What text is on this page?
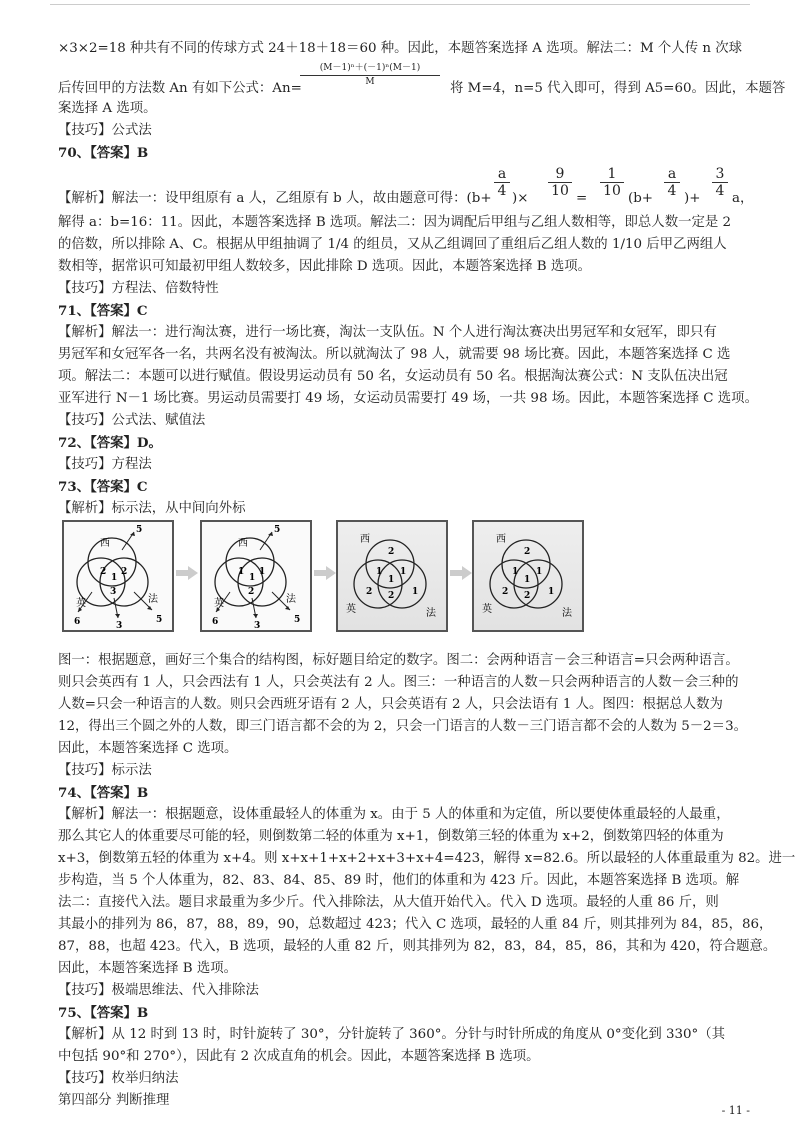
×3×2=18 种共有不同的传球方式 24＋18＋18＝60 种。因此，本题答案选择 A 选项。解法二：M 个人传 n 次球
后传回甲的方法数 An 有如下公式：An=
$\frac{\text{(M－1)ⁿ＋(－1)ⁿ(M－1)}}{M}$ 将 M=4，n=5 代入即可，得到 A5=60。因此，本题答
案选择 A 选项。
【技巧】公式法
70、【答案】B
【解析】解法一：设甲组原有 a 人，乙组原有 b 人，故由题意可得：($b+ \frac{a}{4}$ )× $\frac{9}{10} = \frac{1}{10} (b+ \frac{a}{4}$ )+ $\frac{3}{4}$ a，
解得 a：b=16：11。因此，本题答案选择 B 选项。解法二：因为调配后甲组与乙组人数相等，即总人数一定是 2
的倍数，所以排除 A、C。根据从甲组抽调了 1/4 的组员，又从乙组调回了重组后乙组人数的 1/10 后甲乙两组人
数相等，据常识可知最初甲组人数较多，因此排除 D 选项。因此，本题答案选择 B 选项。
【技巧】方程法、倍数特性
71、【答案】C
【解析】解法一：进行淘汰赛，进行一场比赛，淘汰一支队伍。N 个人进行淘汰赛决出男冠军和女冠军，即只有
男冠军和女冠军各一名，共两名没有被淘汰。所以就淘汰了 98 人，就需要 98 场比赛。因此，本题答案选择 C 选
项。解法二：本题可以进行赋值。假设男运动员有 50 名，女运动员有 50 名。根据淘汰赛公式：N 支队伍决出冠
亚军进行 N－1 场比赛。男运动员需要打 49 场，女运动员需要打 49 场，一共 98 场。因此，本题答案选择 C 选项。
【技巧】公式法、赋值法
72、【答案】D。
【技巧】方程法
73、【答案】C
【解析】标示法，从中间向外标
西
英	法
5
2 2
3
1
6	3
5
西
英	法
5
1 1
2
1
6	3
5
西
英	法
2
1 1
2
1
2	1
西
英	法
2
1 1
2
1
2	1
图一：根据题意，画好三个集合的结构图，标好题目给定的数字。图二：会两种语言－会三种语言=只会两种语言。
则只会英西有 1 人，只会西法有 1 人，只会英法有 2 人。图三：一种语言的人数－只会两种语言的人数－会三种的
人数=只会一种语言的人数。则只会西班牙语有 2 人，只会英语有 2 人，只会法语有 1 人。图四：根据总人数为
12，得出三个圆之外的人数，即三门语言都不会的为 2，只会一门语言的人数－三门语言都不会的人数为 5－2＝3。
因此，本题答案选择 C 选项。
【技巧】标示法
74、【答案】B
【解析】解法一：根据题意，设体重最轻人的体重为 x。由于 5 人的体重和为定值，所以要使体重最轻的人最重，
那么其它人的体重要尽可能的轻，则倒数第二轻的体重为 x+1，倒数第三轻的体重为 x+2，倒数第四轻的体重为
x+3，倒数第五轻的体重为 x+4。则 x+x+1+x+2+x+3+x+4=423，解得 x=82.6。所以最轻的人体重最重为 82。进一
步构造，当 5 个人体重为，82、83、84、85、89 时，他们的体重和为 423 斤。因此，本题答案选择 B 选项。解
法二：直接代入法。题目求最重为多少斤。代入排除法，从大值开始代入。代入 D 选项。最轻的人重 86 斤，则
其最小的排列为 86，87，88，89，90，总数超过 423；代入 C 选项，最轻的人重 84 斤，则其排列为 84，85，86，
87，88，也超 423。代入，B 选项，最轻的人重 82 斤，则其排列为 82，83，84，85，86，其和为 420，符合题意。
因此，本题答案选择 B 选项。
【技巧】极端思维法、代入排除法
75、【答案】B
【解析】从 12 时到 13 时，时针旋转了 30°，分针旋转了 360°。分针与时针所成的角度从 0°变化到 330°（其
中包括 90°和 270°），因此有 2 次成直角的机会。因此，本题答案选择 B 选项。
【技巧】枚举归纳法
第四部分 判断推理
- 11 -
